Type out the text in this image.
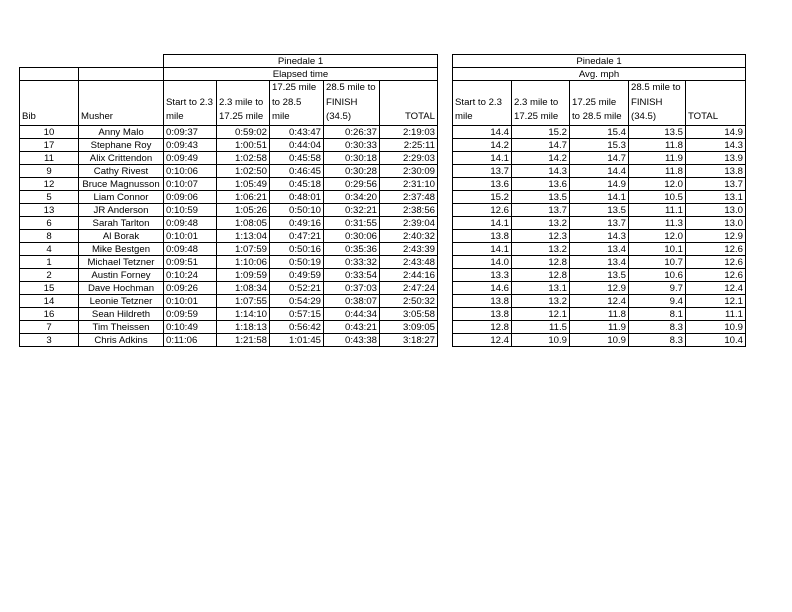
		Pinedale 1				
		Elapsed time				
Bib	Musher	Start to 2.3 mile	2.3 mile to 17.25 mile	17.25 mile to 28.5 mile	28.5 mile to FINISH (34.5)	TOTAL
10	Anny Malo	0:09:37	0:59:02	0:43:47	0:26:37	2:19:03
17	Stephane Roy	0:09:43	1:00:51	0:44:04	0:30:33	2:25:11
11	Alix Crittendon	0:09:49	1:02:58	0:45:58	0:30:18	2:29:03
9	Cathy Rivest	0:10:06	1:02:50	0:46:45	0:30:28	2:30:09
12	Bruce Magnusson	0:10:07	1:05:49	0:45:18	0:29:56	2:31:10
5	Liam Connor	0:09:06	1:06:21	0:48:01	0:34:20	2:37:48
13	JR Anderson	0:10:59	1:05:26	0:50:10	0:32:21	2:38:56
6	Sarah Tarlton	0:09:48	1:08:05	0:49:16	0:31:55	2:39:04
8	Al Borak	0:10:01	1:13:04	0:47:21	0:30:06	2:40:32
4	Mike Bestgen	0:09:48	1:07:59	0:50:16	0:35:36	2:43:39
1	Michael Tetzner	0:09:51	1:10:06	0:50:19	0:33:32	2:43:48
2	Austin Forney	0:10:24	1:09:59	0:49:59	0:33:54	2:44:16
15	Dave Hochman	0:09:26	1:08:34	0:52:21	0:37:03	2:47:24
14	Leonie Tetzner	0:10:01	1:07:55	0:54:29	0:38:07	2:50:32
16	Sean Hildreth	0:09:59	1:14:10	0:57:15	0:44:34	3:05:58
7	Tim Theissen	0:10:49	1:18:13	0:56:42	0:43:21	3:09:05
3	Chris Adkins	0:11:06	1:21:58	1:01:45	0:43:38	3:18:27
Pinedale 1				
Avg. mph				
Start to 2.3 mile	2.3 mile to 17.25 mile	17.25 mile to 28.5 mile	28.5 mile to FINISH (34.5)	TOTAL
14.4	15.2	15.4	13.5	14.9
14.2	14.7	15.3	11.8	14.3
14.1	14.2	14.7	11.9	13.9
13.7	14.3	14.4	11.8	13.8
13.6	13.6	14.9	12.0	13.7
15.2	13.5	14.1	10.5	13.1
12.6	13.7	13.5	11.1	13.0
14.1	13.2	13.7	11.3	13.0
13.8	12.3	14.3	12.0	12.9
14.1	13.2	13.4	10.1	12.6
14.0	12.8	13.4	10.7	12.6
13.3	12.8	13.5	10.6	12.6
14.6	13.1	12.9	9.7	12.4
13.8	13.2	12.4	9.4	12.1
13.8	12.1	11.8	8.1	11.1
12.8	11.5	11.9	8.3	10.9
12.4	10.9	10.9	8.3	10.4
